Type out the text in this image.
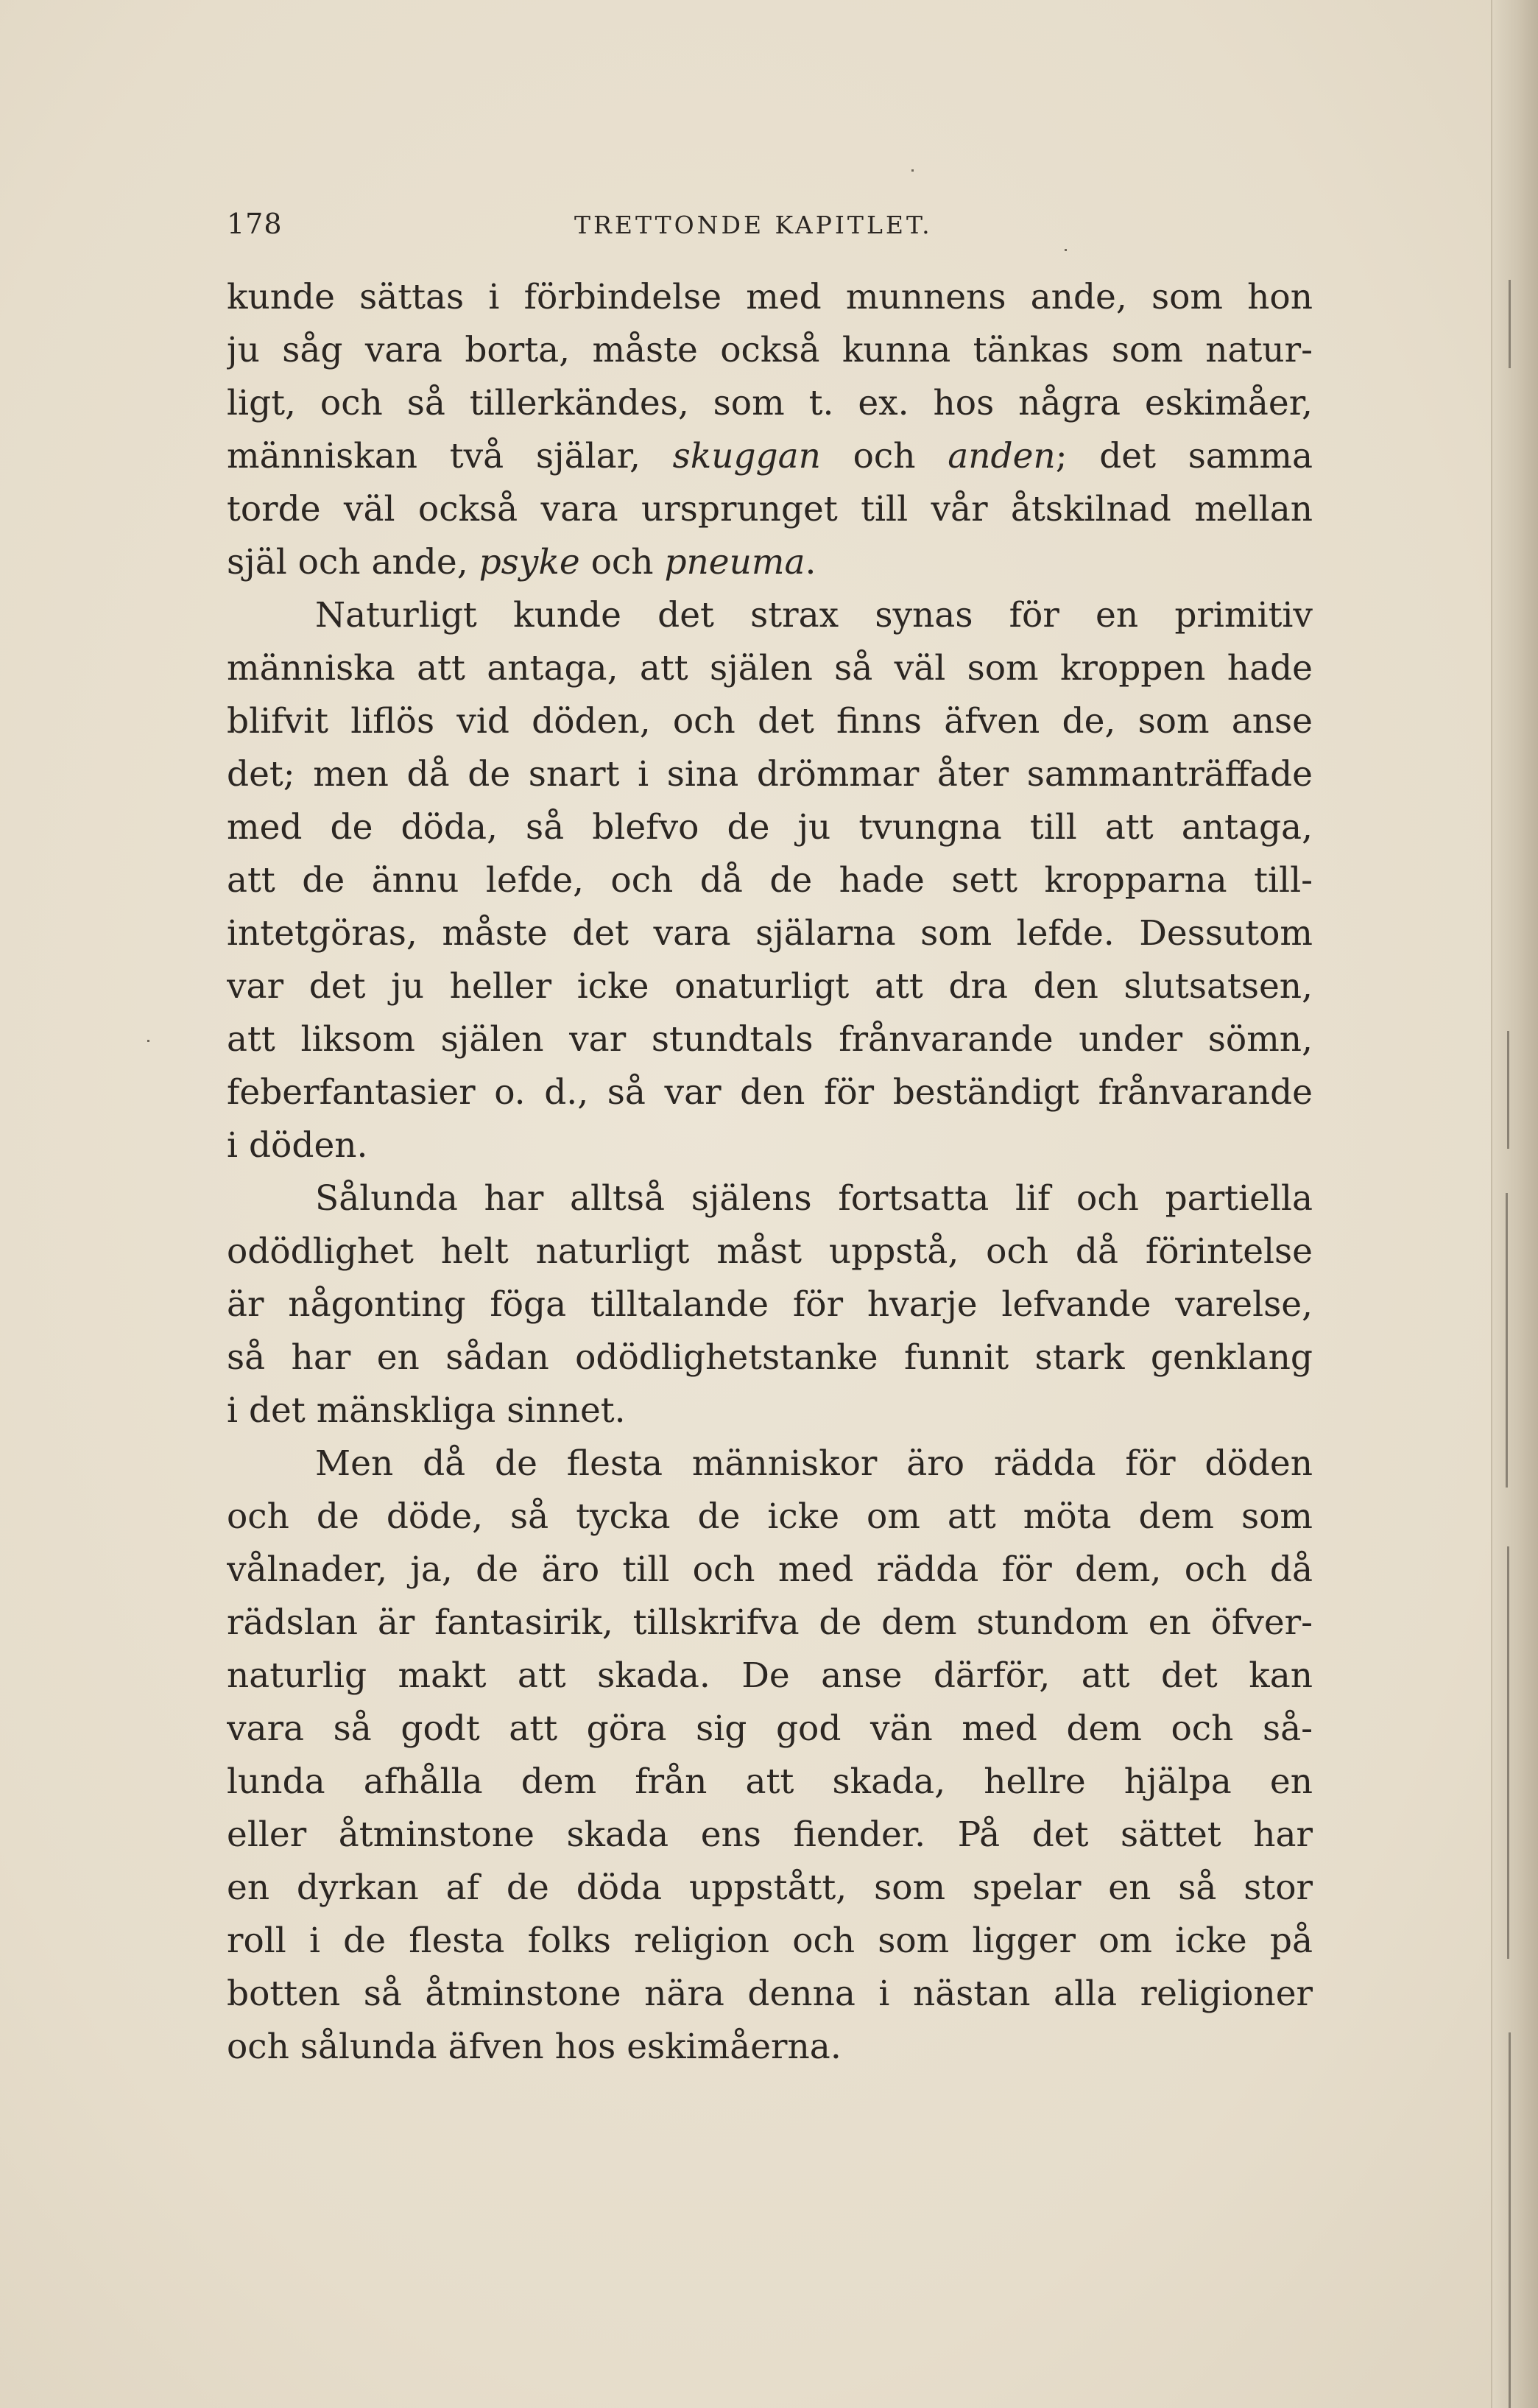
178	TRETTONDE KAPITLET.
kunde sättas i förbindelse med munnens ande, som hon
ju såg vara borta, måste också kunna tänkas som natur-
ligt, och så tillerkändes, som t. ex. hos några eskimåer,
människan två själar, skuggan och anden; det samma
torde väl också vara ursprunget till vår åtskilnad mellan
själ och ande, psyke och pneuma.
Naturligt kunde det strax synas för en primitiv
människa att antaga, att själen så väl som kroppen hade
blifvit liflös vid döden, och det finns äfven de, som anse
det; men då de snart i sina drömmar åter sammanträffade
med de döda, så blefvo de ju tvungna till att antaga,
att de ännu lefde, och då de hade sett kropparna till-
intetgöras, måste det vara själarna som lefde. Dessutom
var det ju heller icke onaturligt att dra den slutsatsen,
att liksom själen var stundtals frånvarande under sömn,
feberfantasier o. d., så var den för beständigt frånvarande
i döden.
Sålunda har alltså själens fortsatta lif och partiella
odödlighet helt naturligt måst uppstå, och då förintelse
är någonting föga tilltalande för hvarje lefvande varelse,
så har en sådan odödlighetstanke funnit stark genklang
i det mänskliga sinnet.
Men då de flesta människor äro rädda för döden
och de döde, så tycka de icke om att möta dem som
vålnader, ja, de äro till och med rädda för dem, och då
rädslan är fantasirik, tillskrifva de dem stundom en öfver-
naturlig makt att skada. De anse därför, att det kan
vara så godt att göra sig god vän med dem och så-
lunda afhålla dem från att skada, hellre hjälpa en
eller åtminstone skada ens fiender. På det sättet har
en dyrkan af de döda uppstått, som spelar en så stor
roll i de flesta folks religion och som ligger om icke på
botten så åtminstone nära denna i nästan alla religioner
och sålunda äfven hos eskimåerna.
